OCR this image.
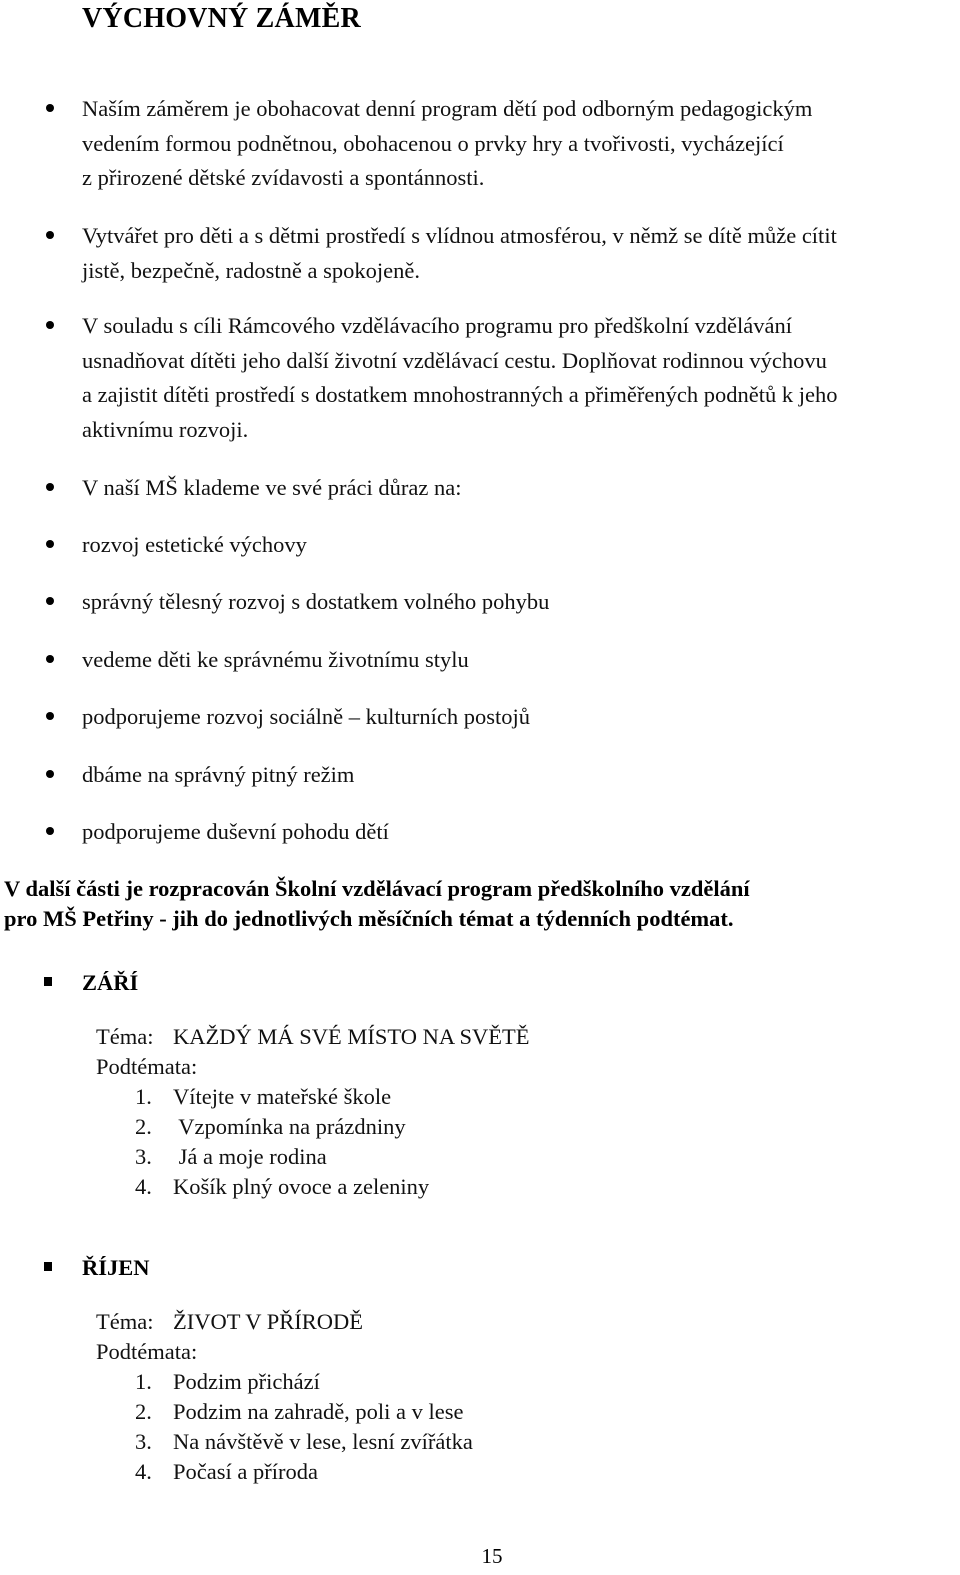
VÝCHOVNÝ ZÁMĚR
Naším záměrem je obohacovat denní program dětí pod odborným pedagogickým
vedením formou podnětnou, obohacenou o prvky hry a tvořivosti, vycházející
z přirozené dětské zvídavosti a spontánnosti.
Vytvářet pro děti a s dětmi prostředí s vlídnou atmosférou, v němž se dítě může cítit
jistě, bezpečně, radostně a spokojeně.
V souladu s cíli Rámcového vzdělávacího programu pro předškolní vzdělávání
usnadňovat dítěti jeho další životní vzdělávací cestu. Doplňovat rodinnou výchovu
a zajistit dítěti prostředí s dostatkem mnohostranných a přiměřených podnětů k jeho
aktivnímu rozvoji.
V naší MŠ klademe ve své práci důraz na:
rozvoj estetické výchovy
správný tělesný rozvoj s dostatkem volného pohybu
vedeme děti ke správnému životnímu stylu
podporujeme rozvoj sociálně – kulturních postojů
dbáme na správný pitný režim
podporujeme duševní pohodu dětí
V další části je rozpracován Školní vzdělávací program předškolního vzdělání
pro MŠ Petřiny - jih do jednotlivých měsíčních témat a týdenních podtémat.
ZÁŘÍ
Téma: KAŽDÝ MÁ SVÉ MÍSTO NA SVĚTĚ
Podtémata:
1. Vítejte v mateřské škole
2. Vzpomínka na prázdniny
3. Já a moje rodina
4. Košík plný ovoce a zeleniny
ŘÍJEN
Téma: ŽIVOT V PŘÍRODĚ
Podtémata:
1. Podzim přichází
2. Podzim na zahradě, poli a v lese
3. Na návštěvě v lese, lesní zvířátka
4. Počasí a příroda
15
